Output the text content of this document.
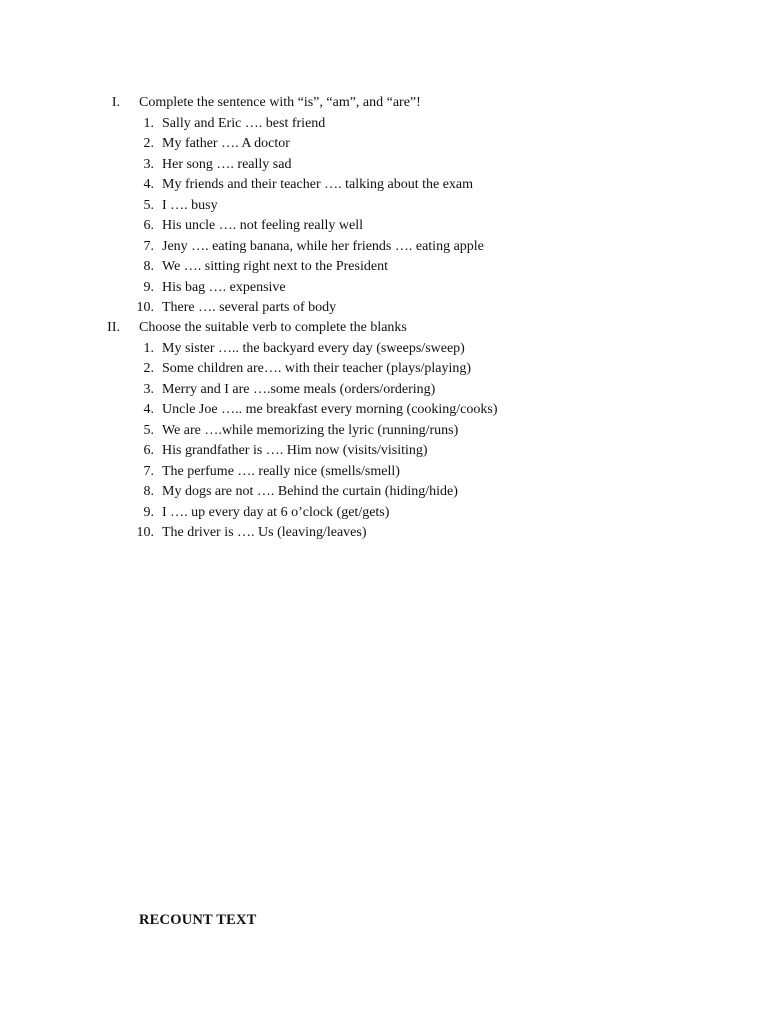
I. Complete the sentence with “is”, “am”, and “are”!
1. Sally and Eric …. best friend
2. My father …. A doctor
3. Her song …. really sad
4. My friends and their teacher …. talking about the exam
5. I …. busy
6. His uncle …. not feeling really well
7. Jeny …. eating banana, while her friends …. eating apple
8. We …. sitting right next to the President
9. His bag …. expensive
10. There …. several parts of body
II. Choose the suitable verb to complete the blanks
1. My sister ….. the backyard every day (sweeps/sweep)
2. Some children are…. with their teacher (plays/playing)
3. Merry and I are ….some meals (orders/ordering)
4. Uncle Joe ….. me breakfast every morning (cooking/cooks)
5. We are ….while memorizing the lyric (running/runs)
6. His grandfather is …. Him now (visits/visiting)
7. The perfume …. really nice (smells/smell)
8. My dogs are not …. Behind the curtain (hiding/hide)
9. I …. up every day at 6 o’clock (get/gets)
10. The driver is …. Us (leaving/leaves)
RECOUNT TEXT
